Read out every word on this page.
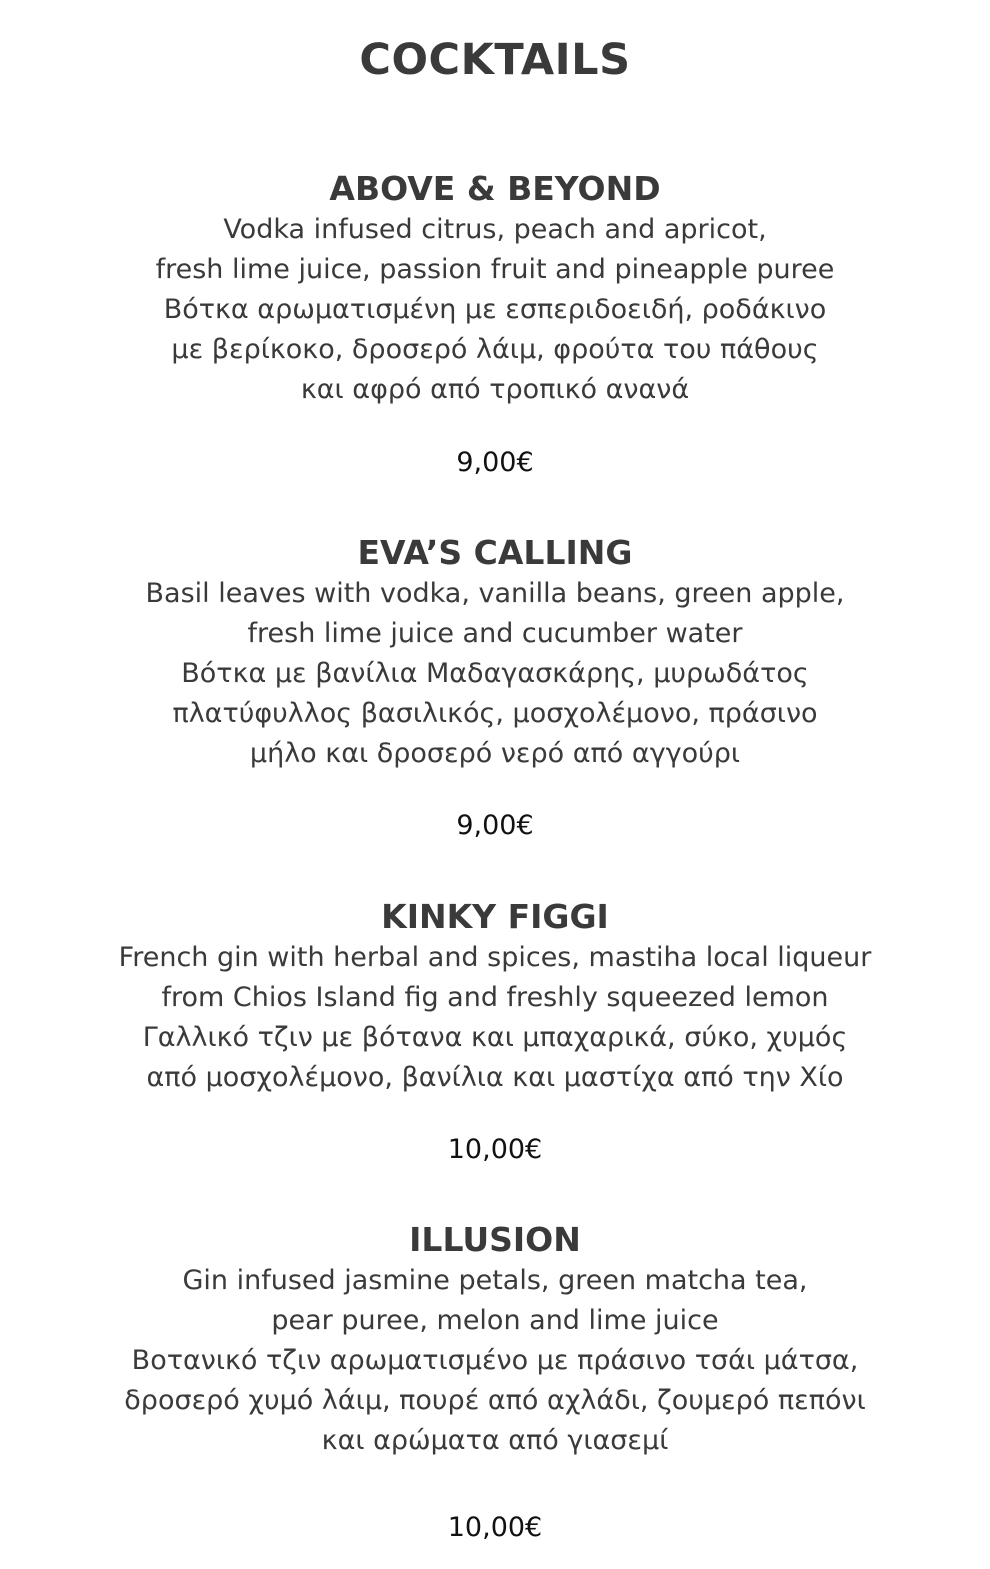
COCKTAILS
ABOVE & BEYOND
Vodka infused citrus, peach and apricot,
fresh lime juice, passion fruit and pineapple puree
Βότκα αρωματισμένη με εσπεριδοειδή, ροδάκινο
με βερίκοκο, δροσερό λάιμ, φρούτα του πάθους
και αφρό από τροπικό ανανά
9,00€
EVA’S CALLING
Basil leaves with vodka, vanilla beans, green apple,
fresh lime juice and cucumber water
Βότκα με βανίλια Μαδαγασκάρης, μυρωδάτος
πλατύφυλλος βασιλικός, μοσχολέμονο, πράσινο
μήλο και δροσερό νερό από αγγούρι
9,00€
KINKY FIGGI
French gin with herbal and spices, mastiha local liqueur
from Chios Island fig and freshly squeezed lemon
Γαλλικό τζιν με βότανα και μπαχαρικά, σύκο, χυμός
από μοσχολέμονο, βανίλια και μαστίχα από την Χίο
10,00€
ILLUSION
Gin infused jasmine petals, green matcha tea,
pear puree, melon and lime juice
Βοτανικό τζιν αρωματισμένο με πράσινο τσάι μάτσα,
δροσερό χυμό λάιμ, πουρέ από αχλάδι, ζουμερό πεπόνι
και αρώματα από γιασεμί
10,00€
